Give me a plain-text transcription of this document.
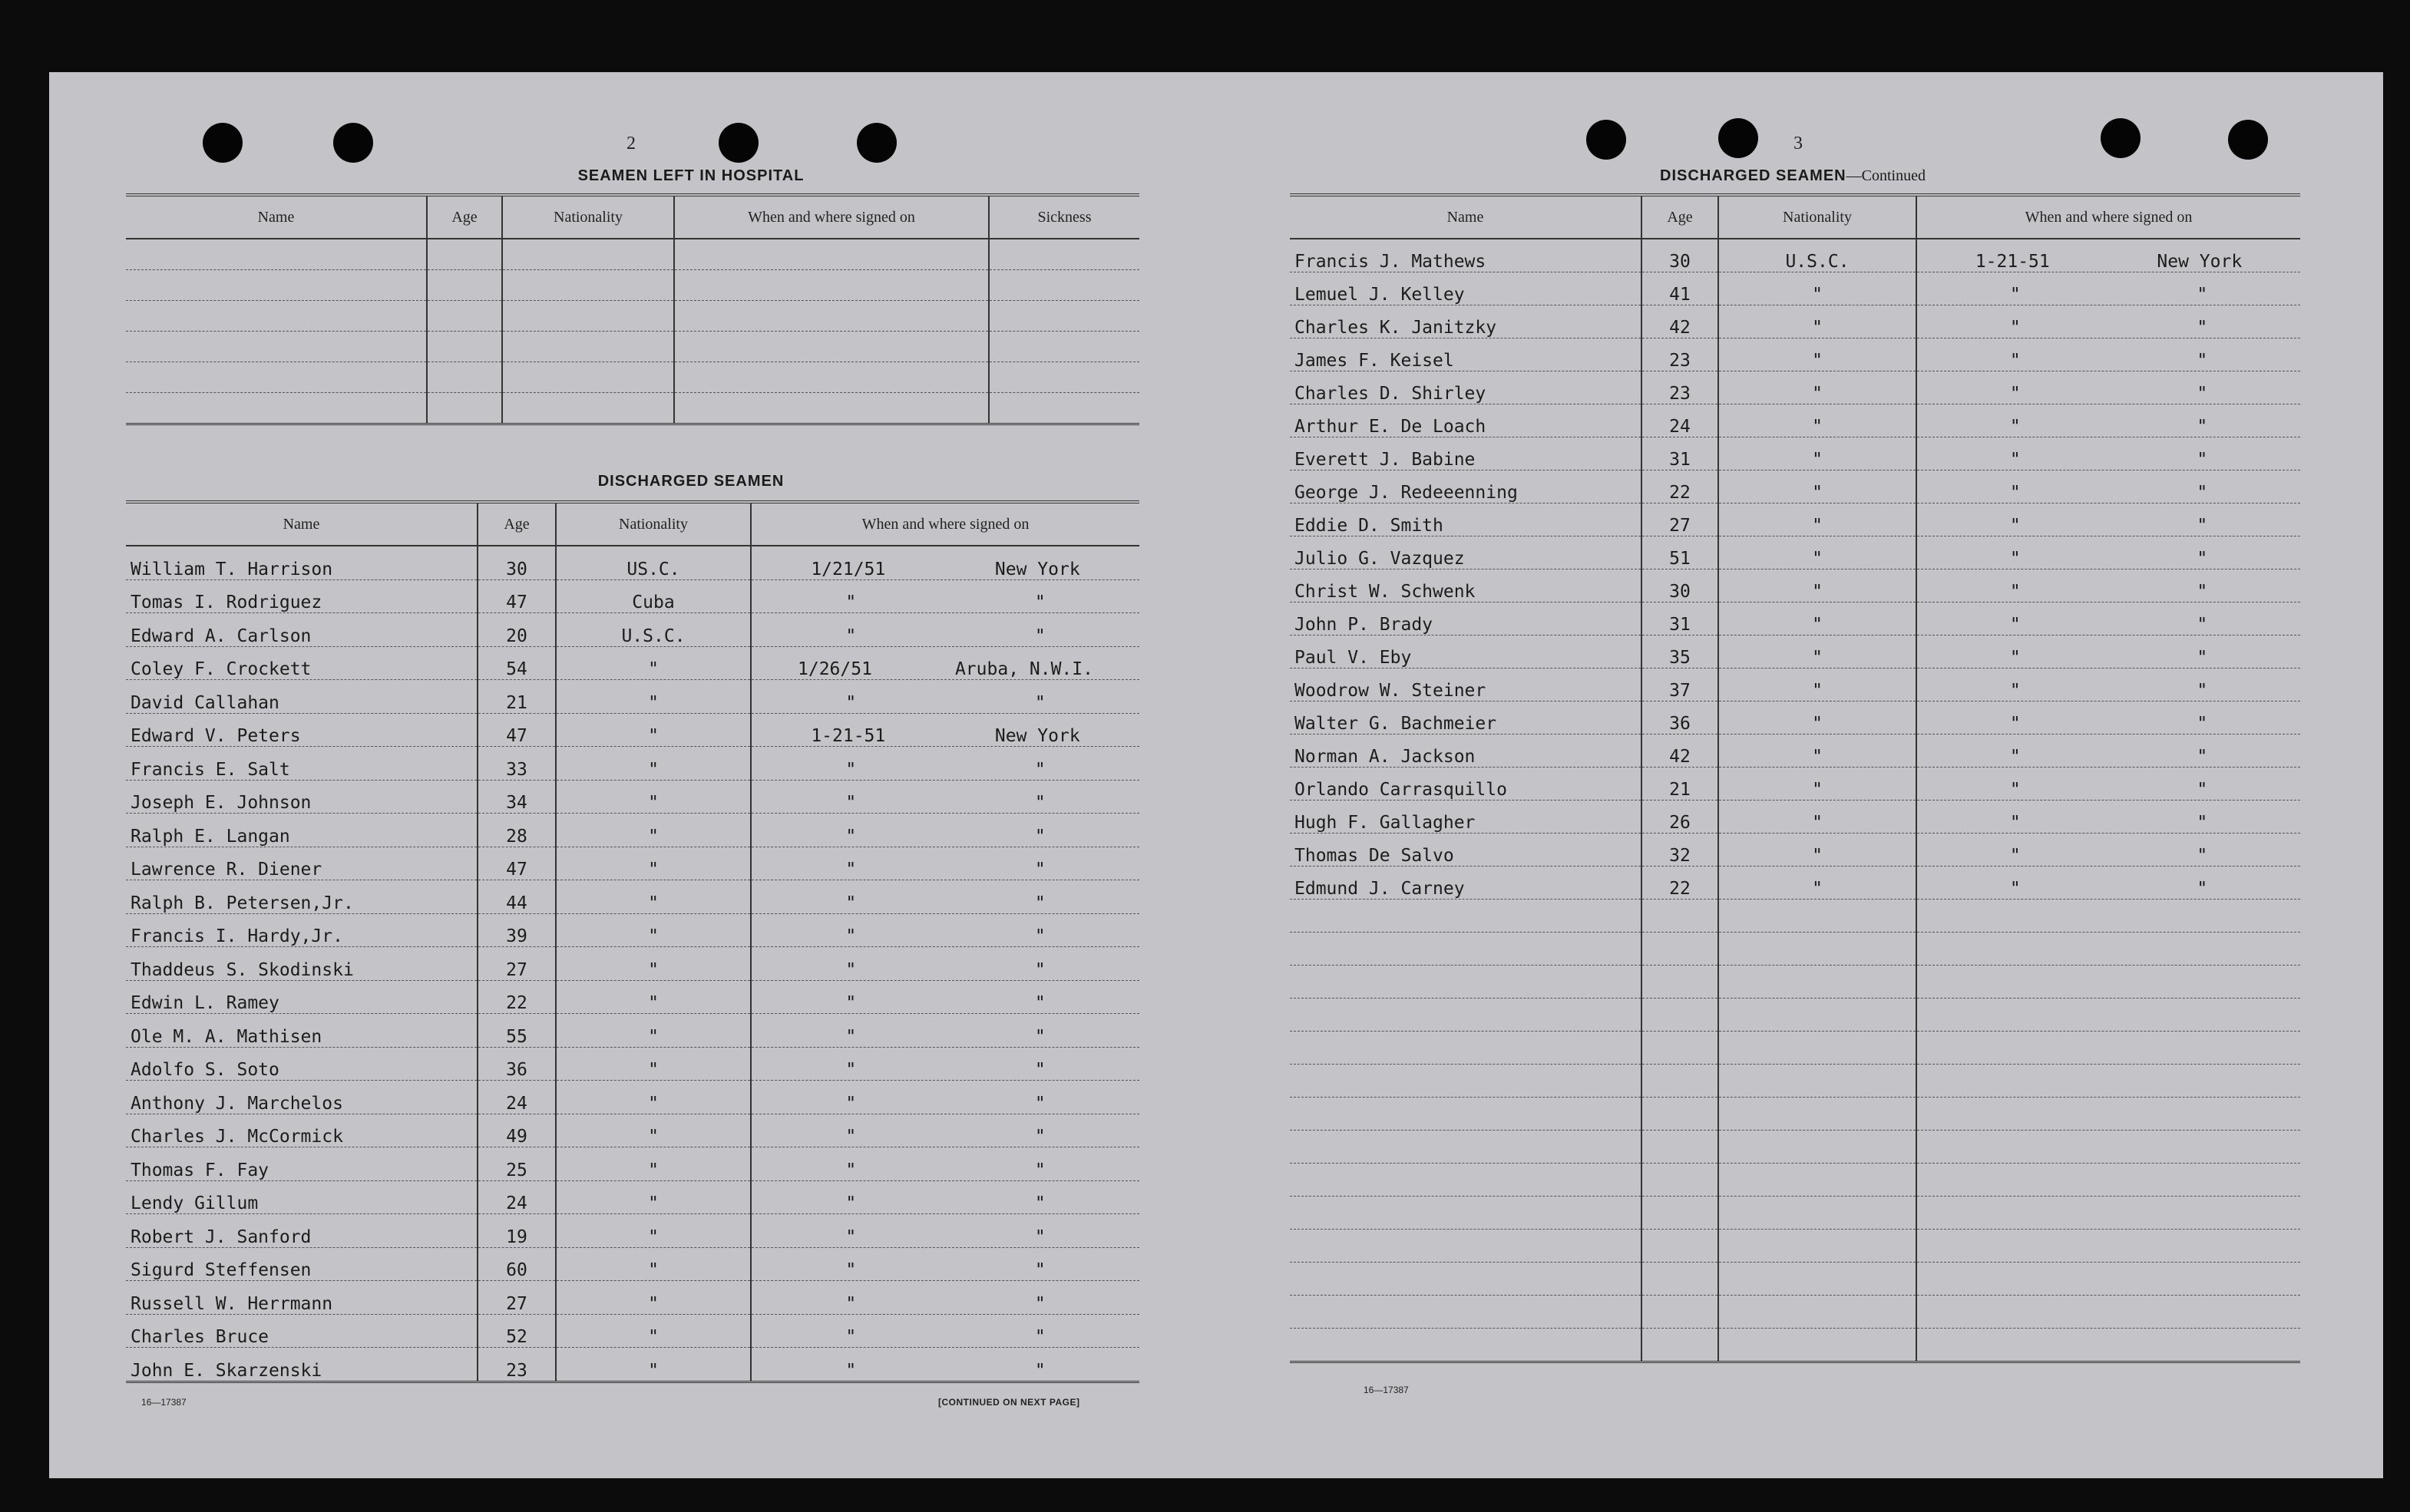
2
SEAMEN LEFT IN HOSPITAL
Name	Age	Nationality	When and where signed on	Sickness

DISCHARGED SEAMEN
Name	Age	Nationality	When and where signed on
William T. Harrison	30	US.C.	1/21/51 New York

Tomas I. Rodriguez	47	Cuba	" "

Edward A. Carlson	20	U.S.C.	" "

Coley F. Crockett	54	"	1/26/51 Aruba, N.W.I.

David Callahan	21	"	" "

Edward V. Peters	47	"	1-21-51 New York

Francis E. Salt	33	"	" "

Joseph E. Johnson	34	"	" "

Ralph E. Langan	28	"	" "

Lawrence R. Diener	47	"	" "

Ralph B. Petersen,Jr.	44	"	" "

Francis I. Hardy,Jr.	39	"	" "

Thaddeus S. Skodinski	27	"	" "

Edwin L. Ramey	22	"	" "

Ole M. A. Mathisen	55	"	" "

Adolfo S. Soto	36	"	" "

Anthony J. Marchelos	24	"	" "

Charles J. McCormick	49	"	" "

Thomas F. Fay	25	"	" "

Lendy Gillum	24	"	" "

Robert J. Sanford	19	"	" "

Sigurd Steffensen	60	"	" "

Russell W. Herrmann	27	"	" "

Charles Bruce	52	"	" "

John E. Skarzenski	23	"	" "
16—17387	[CONTINUED ON NEXT PAGE]
3
DISCHARGED SEAMEN—Continued
Name	Age	Nationality	When and where signed on
Francis J. Mathews	30	U.S.C.	1-21-51 New York

Lemuel J. Kelley	41	"	" "

Charles K. Janitzky	42	"	" "

James F. Keisel	23	"	" "

Charles D. Shirley	23	"	" "

Arthur E. De Loach	24	"	" "

Everett J. Babine	31	"	" "

George J. Redeeenning	22	"	" "

Eddie D. Smith	27	"	" "

Julio G. Vazquez	51	"	" "

Christ W. Schwenk	30	"	" "

John P. Brady	31	"	" "

Paul V. Eby	35	"	" "

Woodrow W. Steiner	37	"	" "

Walter G. Bachmeier	36	"	" "

Norman A. Jackson	42	"	" "

Orlando Carrasquillo	21	"	" "

Hugh F. Gallagher	26	"	" "

Thomas De Salvo	32	"	" "

Edmund J. Carney	22	"	" "

16—17387
